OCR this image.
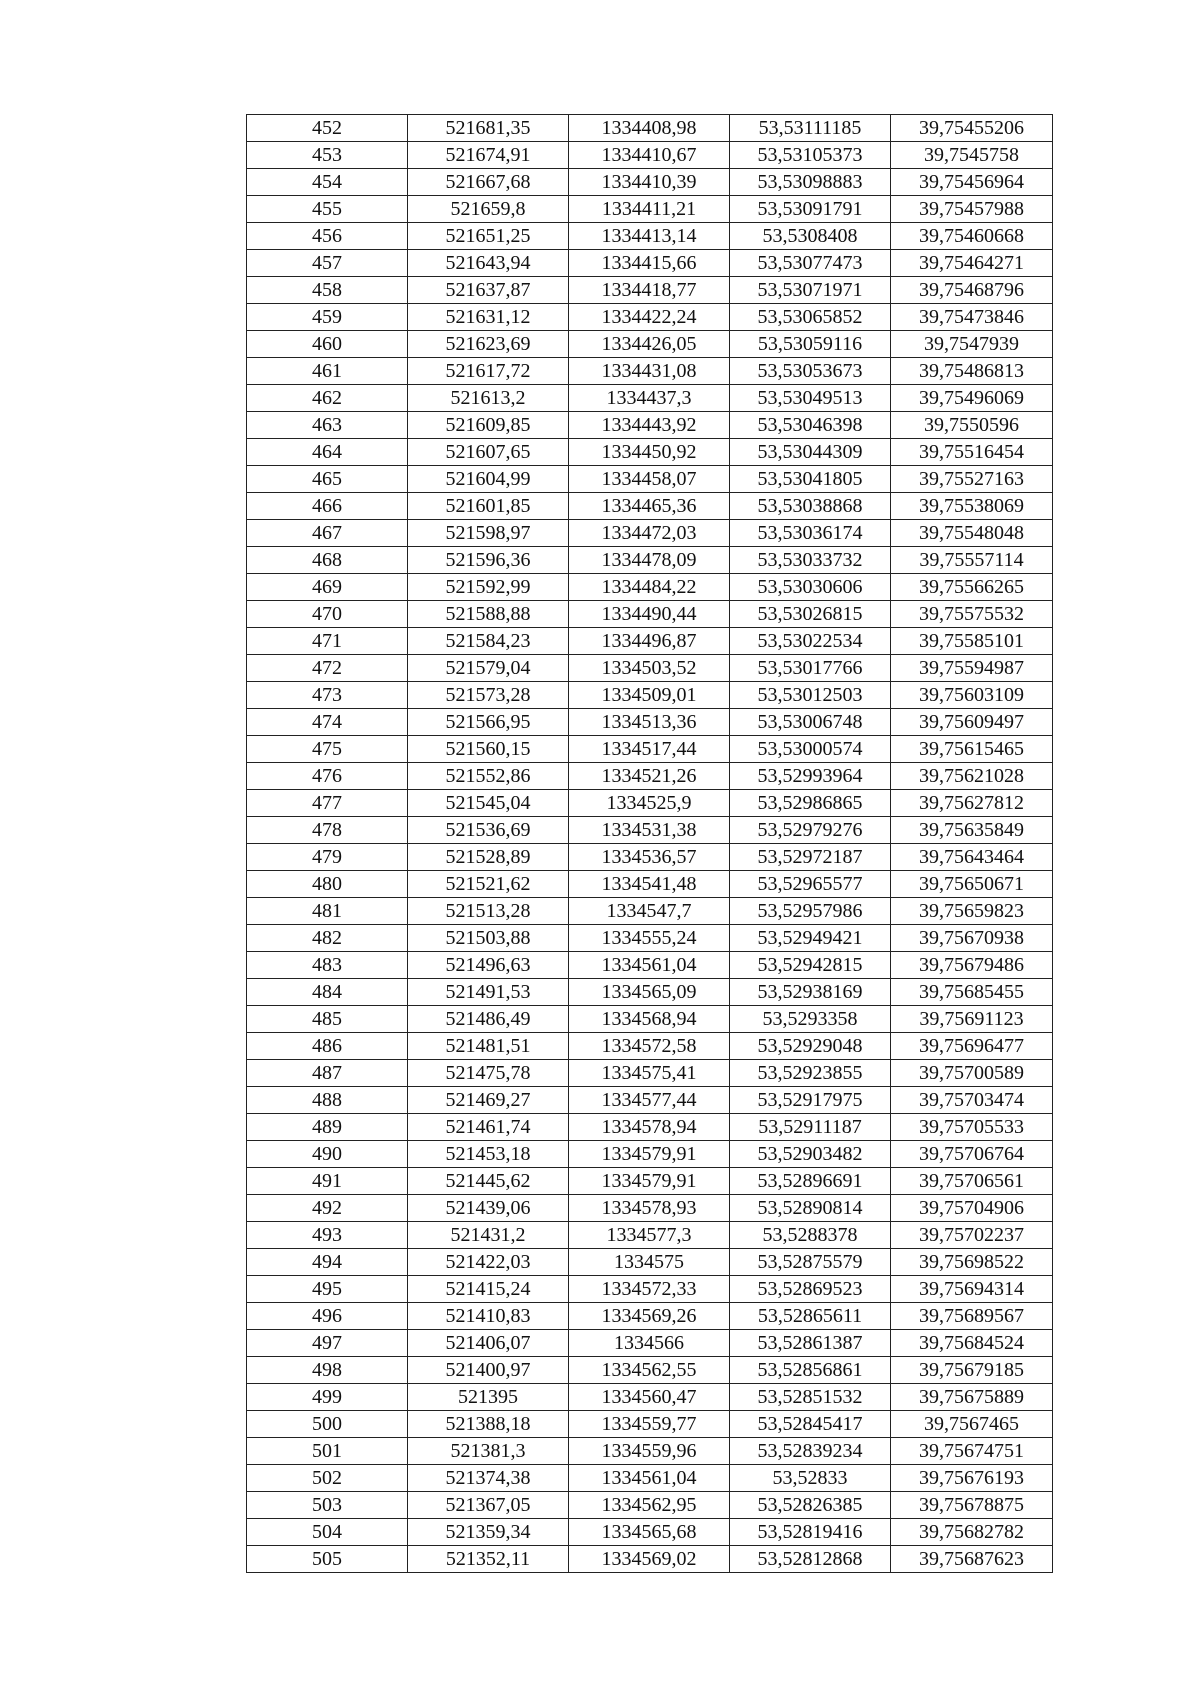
452	521681,35	1334408,98	53,53111185	39,75455206
453	521674,91	1334410,67	53,53105373	39,7545758
454	521667,68	1334410,39	53,53098883	39,75456964
455	521659,8	1334411,21	53,53091791	39,75457988
456	521651,25	1334413,14	53,5308408	39,75460668
457	521643,94	1334415,66	53,53077473	39,75464271
458	521637,87	1334418,77	53,53071971	39,75468796
459	521631,12	1334422,24	53,53065852	39,75473846
460	521623,69	1334426,05	53,53059116	39,7547939
461	521617,72	1334431,08	53,53053673	39,75486813
462	521613,2	1334437,3	53,53049513	39,75496069
463	521609,85	1334443,92	53,53046398	39,7550596
464	521607,65	1334450,92	53,53044309	39,75516454
465	521604,99	1334458,07	53,53041805	39,75527163
466	521601,85	1334465,36	53,53038868	39,75538069
467	521598,97	1334472,03	53,53036174	39,75548048
468	521596,36	1334478,09	53,53033732	39,75557114
469	521592,99	1334484,22	53,53030606	39,75566265
470	521588,88	1334490,44	53,53026815	39,75575532
471	521584,23	1334496,87	53,53022534	39,75585101
472	521579,04	1334503,52	53,53017766	39,75594987
473	521573,28	1334509,01	53,53012503	39,75603109
474	521566,95	1334513,36	53,53006748	39,75609497
475	521560,15	1334517,44	53,53000574	39,75615465
476	521552,86	1334521,26	53,52993964	39,75621028
477	521545,04	1334525,9	53,52986865	39,75627812
478	521536,69	1334531,38	53,52979276	39,75635849
479	521528,89	1334536,57	53,52972187	39,75643464
480	521521,62	1334541,48	53,52965577	39,75650671
481	521513,28	1334547,7	53,52957986	39,75659823
482	521503,88	1334555,24	53,52949421	39,75670938
483	521496,63	1334561,04	53,52942815	39,75679486
484	521491,53	1334565,09	53,52938169	39,75685455
485	521486,49	1334568,94	53,5293358	39,75691123
486	521481,51	1334572,58	53,52929048	39,75696477
487	521475,78	1334575,41	53,52923855	39,75700589
488	521469,27	1334577,44	53,52917975	39,75703474
489	521461,74	1334578,94	53,52911187	39,75705533
490	521453,18	1334579,91	53,52903482	39,75706764
491	521445,62	1334579,91	53,52896691	39,75706561
492	521439,06	1334578,93	53,52890814	39,75704906
493	521431,2	1334577,3	53,5288378	39,75702237
494	521422,03	1334575	53,52875579	39,75698522
495	521415,24	1334572,33	53,52869523	39,75694314
496	521410,83	1334569,26	53,52865611	39,75689567
497	521406,07	1334566	53,52861387	39,75684524
498	521400,97	1334562,55	53,52856861	39,75679185
499	521395	1334560,47	53,52851532	39,75675889
500	521388,18	1334559,77	53,52845417	39,7567465
501	521381,3	1334559,96	53,52839234	39,75674751
502	521374,38	1334561,04	53,52833	39,75676193
503	521367,05	1334562,95	53,52826385	39,75678875
504	521359,34	1334565,68	53,52819416	39,75682782
505	521352,11	1334569,02	53,52812868	39,75687623
